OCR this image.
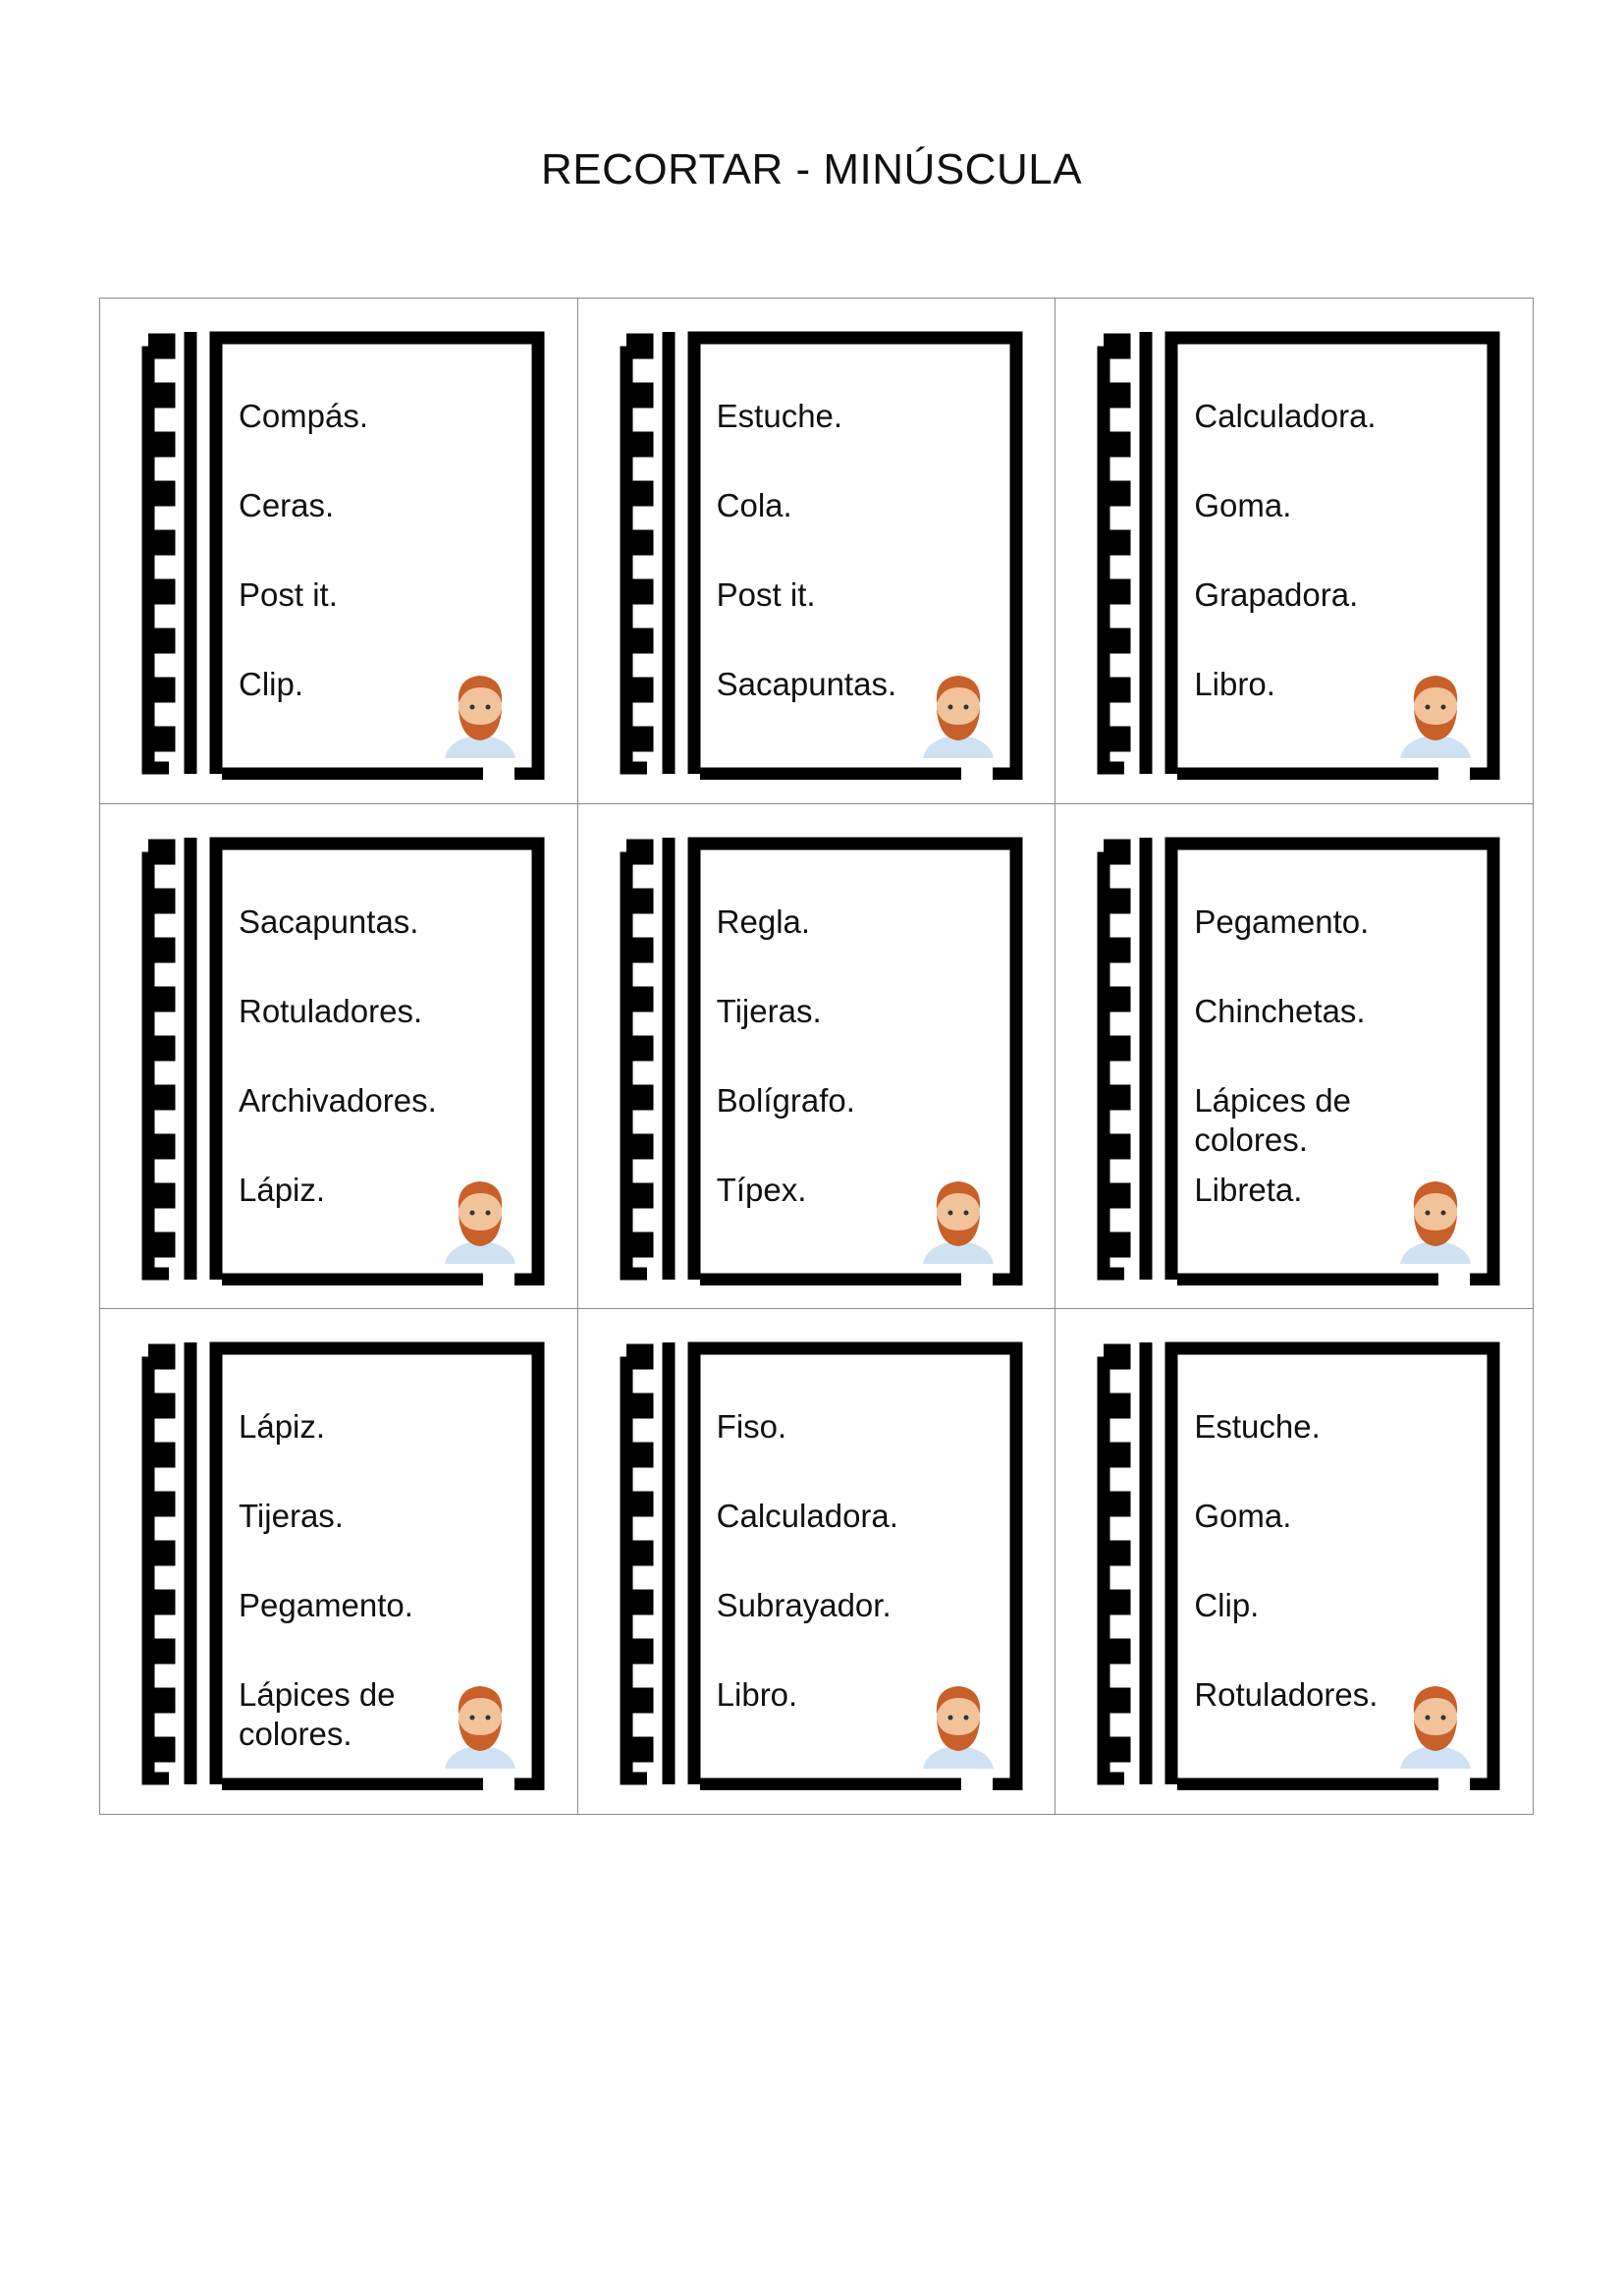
RECORTAR - MINÚSCULA
Compás.
Ceras.
Post it.
Clip.
Estuche.
Cola.
Post it.
Sacapuntas.
Calculadora.
Goma.
Grapadora.
Libro.
Sacapuntas.
Rotuladores.
Archivadores.
Lápiz.
Regla.
Tijeras.
Bolígrafo.
Típex.
Pegamento.
Chinchetas.
Lápices de colores.
Libreta.
Lápiz.
Tijeras.
Pegamento.
Lápices de colores.
Fiso.
Calculadora.
Subrayador.
Libro.
Estuche.
Goma.
Clip.
Rotuladores.
